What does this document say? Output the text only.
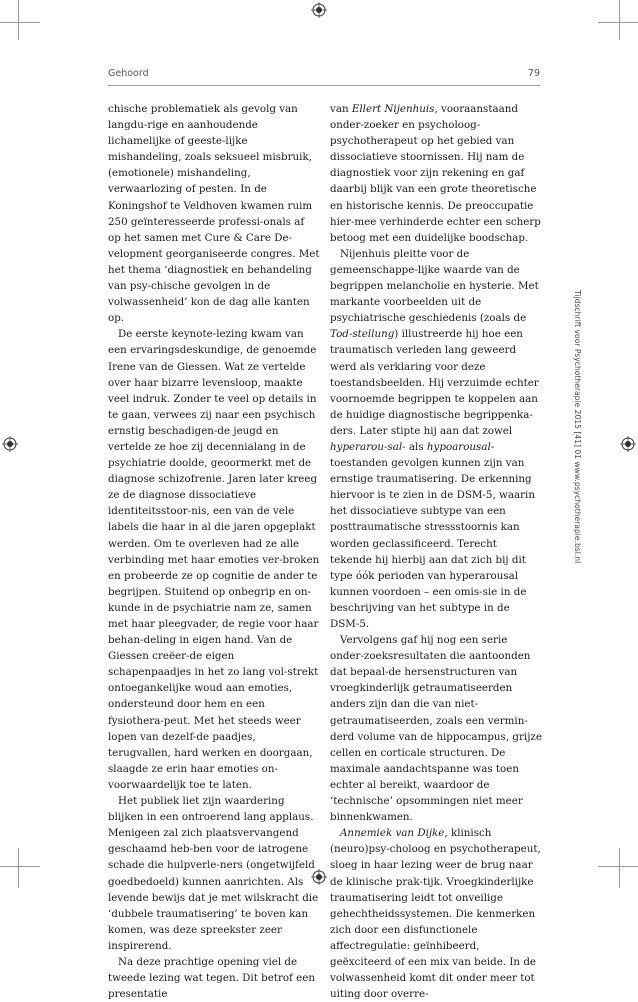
Gehoord	79

chische problematiek als gevolg van langdu-rige en aanhoudende lichamelijke of geeste-lijke mishandeling, zoals seksueel misbruik, (emotionele) mishandeling, verwaarlozing of pesten. In de Koningshof te Veldhoven kwamen ruim 250 geïnteresseerde professi-onals af op het samen met Cure & Care De-velopment georganiseerde congres. Met het thema ‘diagnostiek en behandeling van psy-chische gevolgen in de volwassenheid’ kon de dag alle kanten op.

De eerste keynote-lezing kwam van een ervaringsdeskundige, de genoemde Irene van de Giessen. Wat ze vertelde over haar bizarre levensloop, maakte veel indruk. Zonder te veel op details in te gaan, verwees zij naar een psychisch ernstig beschadigen-de jeugd en vertelde ze hoe zij decennialang in de psychiatrie doolde, geoormerkt met de diagnose schizofrenie. Jaren later kreeg ze de diagnose dissociatieve identiteitsstoor-nis, een van de vele labels die haar in al die jaren opgeplakt werden. Om te overleven had ze alle verbinding met haar emoties ver-broken en probeerde ze op cognitie de ander te begrijpen. Stuitend op onbegrip en on-kunde in de psychiatrie nam ze, samen met haar pleegvader, de regie voor haar behan-deling in eigen hand. Van de Giessen creëer-de eigen schapenpaadjes in het zo lang vol-strekt ontoegankelijke woud aan emoties, ondersteund door hem en een fysiothera-peut. Met het steeds weer lopen van dezelf-de paadjes, terugvallen, hard werken en doorgaan, slaagde ze erin haar emoties on-voorwaardelijk toe te laten.

Het publiek liet zijn waardering blijken in een ontroerend lang applaus. Menigeen zal zich plaatsvervangend geschaamd heb-ben voor de iatrogene schade die hulpverle-ners (ongetwijfeld goedbedoeld) kunnen aanrichten. Als levende bewijs dat je met wilskracht die ‘dubbele traumatisering’ te boven kan komen, was deze spreekster zeer inspirerend.

Na deze prachtige opening viel de tweede lezing wat tegen. Dit betrof een presentatie

van Ellert Nijenhuis, vooraanstaand onder-zoeker en psycholoog-psychotherapeut op het gebied van dissociatieve stoornissen. Hij nam de diagnostiek voor zijn rekening en gaf daarbij blijk van een grote theoretische en historische kennis. De preoccupatie hier-mee verhinderde echter een scherp betoog met een duidelijke boodschap.

Nijenhuis pleitte voor de gemeenschappe-lijke waarde van de begrippen melancholie en hysterie. Met markante voorbeelden uit de psychiatrische geschiedenis (zoals de Tod-stellung) illustreerde hij hoe een traumatisch verleden lang geweerd werd als verklaring voor deze toestandsbeelden. Hij verzuimde echter voornoemde begrippen te koppelen aan de huidige diagnostische begrippenka-ders. Later stipte hij aan dat zowel hyperarou-sal- als hypoarousal-toestanden gevolgen kunnen zijn van ernstige traumatisering. De erkenning hiervoor is te zien in de DSM-5, waarin het dissociatieve subtype van een posttraumatische stressstoornis kan worden geclassificeerd. Terecht tekende hij hierbij aan dat zich bij dit type óók perioden van hyperarousal kunnen voordoen – een omis-sie in de beschrijving van het subtype in de DSM-5.

Vervolgens gaf hij nog een serie onder-zoeksresultaten die aantoonden dat bepaal-de hersenstructuren van vroegkinderlijk getraumatiseerden anders zijn dan die van niet-getraumatiseerden, zoals een vermin-derd volume van de hippocampus, grijze cellen en corticale structuren. De maximale aandachtspanne was toen echter al bereikt, waardoor de ‘technische’ opsommingen niet meer binnenkwamen.

Annemiek van Dijke, klinisch (neuro)psy-choloog en psychotherapeut, sloeg in haar lezing weer de brug naar de klinische prak-tijk. Vroegkinderlijke traumatisering leidt tot onveilige gehechtheidssystemen. Die kenmerken zich door een disfunctionele affectregulatie: geïnhibeerd, geëxciteerd of een mix van beide. In de volwassenheid komt dit onder meer tot uiting door overre-

Tijdschrift voor Psychotherapie 2015 [41] 01 www.psychotherapie.bsl.nl
